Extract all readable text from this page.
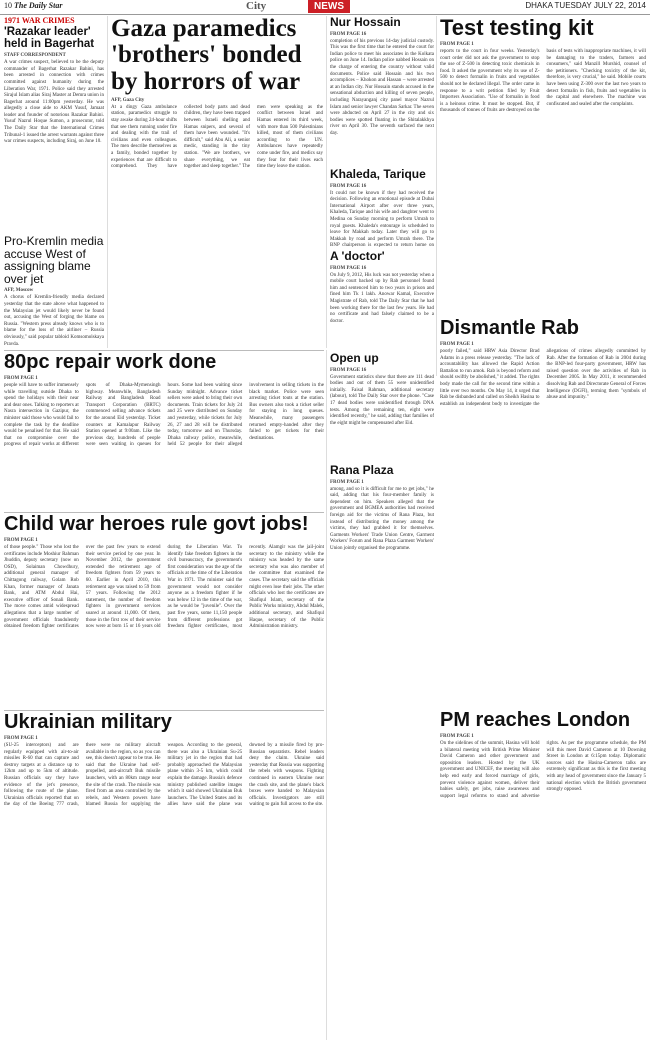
10 The Daily Star	City	NEWS	DHAKA TUESDAY JULY 22, 2014
1971 WAR CRIMES
'Razakar leader' held in Bagerhat
STAFF CORRESPONDENT
A war crimes suspect, believed to be the deputy commander of Bagerhat Razakar Bahini, has been arrested in connection with crimes committed against humanity during the Liberation War, 1971. Police said they arrested Sirajul Islam alias Siraj Master at Demra union in Bagerhat around 11:00pm yesterday. He was allegedly a close aide to AKM Yusuf, Jamaat leader and founder of notorious Razakar Bahini. Yusuf Nazrul Hoque Sumon, a prosecutor, told The Daily Star that the International Crimes Tribunal-1 issued the arrest warrants against three war crimes suspects, including Siraj, on June 10.
Pro-Kremlin media accuse West of assigning blame over jet
AFP, Moscow
A chorus of Kremlin-friendly media declared yesterday that the state above what happened to the Malaysian jet would likely never be found out, accusing the West of forging the blame on Russia. "Western press already knows who is to blame for the loss of the airliner – Russia obviously," said popular tabloid Komsomolskaya Pravda.
Gaza paramedics 'brothers' bonded by horrors of war
AFP, Gaza City
At a dingy Gaza ambulance station, paramedics struggle to stay awake during 24-hour shifts that see them running under fire and dealing with the trail of civilians and even colleagues. The men describe themselves as a family, bonded together by experiences that are difficult to comprehend. They have collected body parts and dead children, they have been trapped between Israeli shelling and Hamas snipers, and several of them have been wounded. "It's difficult," said Abu Ali, a senior medic, standing in the tiny station. "We are brothers, we share everything, we eat together and sleep together." The men were speaking as the conflict between Israel and Hamas entered its third week, with more than 500 Palestinians killed, most of them civilians according to the UN. Ambulances have repeatedly come under fire, and medics say they fear for their lives each time they leave the station.
Nur Hossain
FROM PAGE 16
completion of his previous 14-day judicial custody. This was the first time that he entered the court for Indian police to meet his associates in the Kolkata police on June 14. Indian police nabbed Hossain on the charge of entering the country without valid documents. Police said Hossain and his two accomplices – Khokon and Hassan – were arrested at an Indian city. Nur Hossain stands accused in the sensational abduction and killing of seven people, including Narayanganj city panel mayor Nazrul Islam and senior lawyer Chandan Sarkar. The seven were abducted on April 27 in the city and six bodies were spotted floating in the Shitalakkhya river on April 30. The seventh surfaced the next day.
Khaleda, Tarique
FROM PAGE 16
It could not be known if they had received the decision. Following an emotional episode at Dubai International Airport after over three years, Khaleda, Tarique and his wife and daughter went to Medina on Sunday morning to perform Umrah to royal guests. Khaleda's entourage is scheduled to leave for Makkah today. Later they will go to Makkah by road and perform Umrah there. The BNP chairperson is expected to return home on
A 'doctor'
FROM PAGE 16
On July 9, 2012, His luck was not yesterday when a mobile court backed up by Rab personnel found him and sentenced him to two years in prison and fined him Tk 1 lakh. Anowar Kamal, Executive Magistrate of Rab, told The Daily Star that he had been working there for the last few years. He had no certificate and had falsely claimed to be a doctor.
Open up
FROM PAGE 16
Government statistics show that there are 111 dead bodies and out of them 55 were unidentified initially. Faisal Rahman, additional secretary (labour), told The Daily Star over the phone. "Case 17 dead bodies were unidentified through DNA tests. Among the remaining ten, eight were identified recently," he said, adding that families of the eight might be compensated after Eid.
Rana Plaza
FROM PAGE 1
among, and so it is difficult for me to get jobs," he said, adding that his four-member family is dependent on him. Speakers alleged that the government and BGMEA authorities had received foreign aid for the victims of Rana Plaza, but instead of distributing the money among the victims, they had grabbed it for themselves. Garments Workers' Trade Union Centre, Garment Workers' Forum and Rana Plaza Garment Workers' Union jointly organised the programme.
Test testing kit
FROM PAGE 1
reports to the court in four weeks. Yesterday's court order did not ask the government to stop the use of Z-500 in detecting toxic chemicals in food. It asked the government why its use of Z-500 to detect formalin in fruits and vegetables should not be declared illegal. The order came in response to a writ petition filed by Fruit Importers Association. "Use of formalin in food is a heinous crime. It must be stopped. But, if thousands of tonnes of fruits are destroyed on the basis of tests with inappropriate machines, it will be damaging to the traders, farmers and consumers," said Manzill Murshid, counsel of the petitioners. "Checking toxicity of the kit, therefore, is very crucial," he said. Mobile courts have been using Z-300 over the last two years to detect formalin in fish, fruits and vegetables in the capital and elsewhere. The machine was confiscated and sealed after the complaints.
Dismantle Rab
FROM PAGE 1
poorly failed," said HRW Asia Director Brad Adams in a press release yesterday. "The lack of accountability has allowed the Rapid Action Battalion to run amok. Rab is beyond reform and should swiftly be abolished," it added. The rights body made the call for the second time within a little over two months. On May 14, it urged that Rab be disbanded and called on Sheikh Hasina to establish an independent body to investigate the allegations of crimes allegedly committed by Rab. After the formation of Rab in 2004 during the BNP-led four-party government, HRW has raised question over the activities of Rab in December 2005. In May 2011, it recommended dissolving Rab and Directorate General of Forces Intelligence (DGFI), terming them "symbols of abuse and impunity."
PM reaches London
FROM PAGE 1
On the sidelines of the summit, Hasina will hold a bilateral meeting with British Prime Minister David Cameron and other government and opposition leaders. Hosted by the UK government and UNICEF, the meeting will also help end early and forced marriage of girls, prevent violence against women, deliver their babies safely, get jobs, raise awareness and support legal reforms to stand and advertise rights. As per the programme schedule, the PM will this meet David Cameron at 10 Downing Street in London at 6:15pm today. Diplomatic sources said the Hasina-Cameron talks are extremely significant as this is the first meeting with any head of government since the January 5 national election which the British government strongly opposed.
80pc repair work done
FROM PAGE 1
people will have to suffer immensely while travelling outside Dhaka to spend the holidays with their near and dear ones. Talking to reporters at Nasra intersection in Gazipur, the minister said those who would fail to complete the task by the deadline would be penalised for that. He said that no compromise over the progress of repair works at different spots of Dhaka-Mymensingh highway. Meanwhile, Bangladesh Railway and Bangladesh Road Transport Corporation (BRTC) commenced selling advance tickets for the around Eid yesterday. Ticket counters at Kamalapur Railway Station opened at 9:00am. Like the previous day, hundreds of people were seen waiting in queues for hours. Some had been waiting since Sunday midnight. Advance ticket sellers were asked to bring their own documents. Train tickets for July 24 and 25 were distributed on Sunday and yesterday, while tickets for July 26, 27 and 28 will be distributed today, tomorrow and on Thursday. Dhaka railway police, meanwhile, held 52 people for their alleged involvement in selling tickets in the black market. Police were seen arresting ticket touts at the station. Bus owners also took a ticket seller for staying in long queues. Meanwhile, many passengers returned empty-handed after they failed to get tickets for their destinations.
Child war heroes rule govt jobs!
FROM PAGE 1
of those people." Those who lost the certificates include Moshiur Rahman Jhuddin, deputy secretary (now on OSD), Solaiman Chowdhury, additional general manager of Chittagong railway, Golam Rob Khan, former manager of Janata Bank, and ATM Abdul Hai, executive officer of Sonali Bank. The move comes amid widespread allegations that a large number of government officials fraudulently obtained freedom fighter certificates over the past few years to extend their service period by one year. In November 2012, the government extended the retirement age of freedom fighters from 59 years to 60. Earlier in April 2010, this retirement age was raised to 59 from 57 years. Following the 2012 statement, the number of freedom fighters in government services soared at around 11,000. Of them, those in the first row of their service now were at born 15 or 16 years old during the Liberation War. To identify fake freedom fighters in the civil bureaucracy, the government's first consideration was the age of the officials at the time of the Liberation War in 1971. The minister said the government would not consider anyone as a freedom fighter if he was below 12 in the time of the war, as he would be "juvenile". Over the past five years, some 11,150 people from different professions got freedom fighter certificates, most recently. Alamgir was the jail-joint secretary to the ministry while the ministry was headed by the same secretary who was also member of the committee that examined the cases. The secretary said the officials might even lose their jobs. The other officials who lost the certificates are Shafiqul Islam, secretary of the Public Works ministry, Abdul Malek, additional secretary, and Shafiqul Haque, secretary of the Public Administration ministry.
Ukrainian military
FROM PAGE 1
(SU-25 interceptors) and are regularly equipped with air-to-air missiles R-60 that can capture and destroy targets at a distance up to 12km and up to 5km of altitude. Russian officials say they have evidence of the jet's presence, following the route of the plane. Ukrainian officials reported that on the day of the Boeing 777 crash, there were no military aircraft available in the region, so as you can see, this doesn't appear to be true. He said that the Ukraine had self-propelled, anti-aircraft Buk missile launchers, with an 80km range near the site of the crash. The missile was fired from an area controlled by the rebels, and Western powers have blamed Russia for supplying the weapon. According to the general, there was also a Ukrainian Su-25 military jet in the region that had probably approached the Malaysian plane within 3-5 km, which could explain the damage. Russia's defence ministry published satellite images which it said showed Ukrainian Buk launchers. The United States and its allies have said the plane was downed by a missile fired by pro-Russian separatists. Rebel leaders deny the claim. Ukraine said yesterday that Russia was supporting the rebels with weapons. Fighting continued in eastern Ukraine near the crash site, and the plane's black boxes were handed to Malaysian officials. Investigators are still waiting to gain full access to the site.
